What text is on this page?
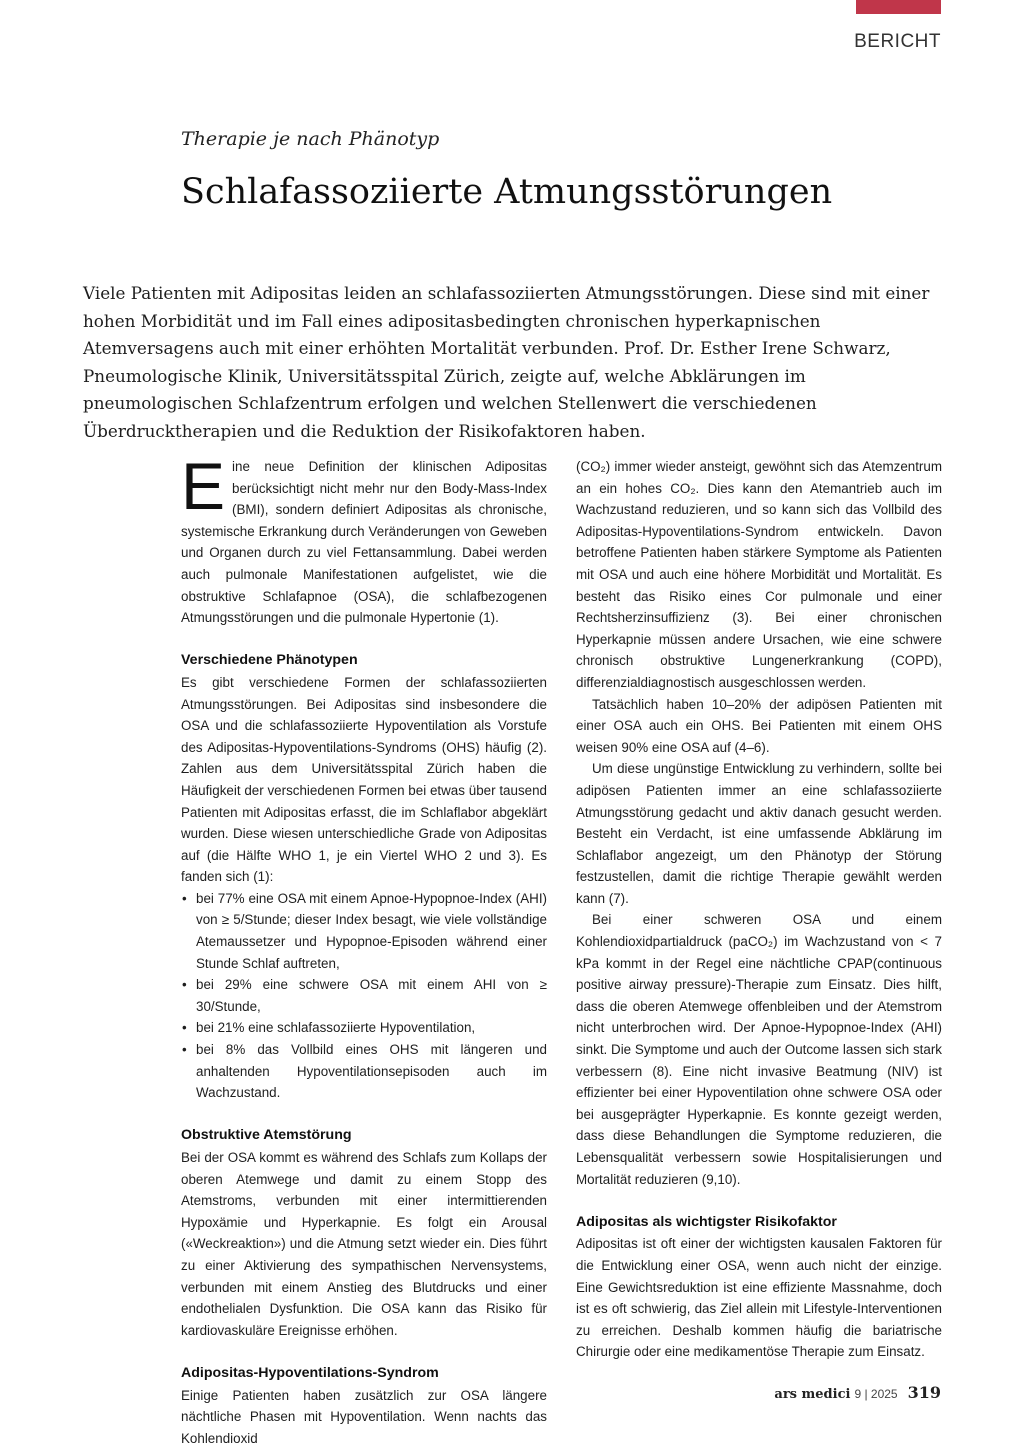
BERICHT
Therapie je nach Phänotyp
Schlafassoziierte Atmungsstörungen

Viele Patienten mit Adipositas leiden an schlafassoziierten Atmungsstörungen. Diese sind mit einer hohen Morbidität und im Fall eines adipositasbedingten chronischen hyperkapnischen Atemversagens auch mit einer erhöhten Mortalität verbunden. Prof. Dr. Esther Irene Schwarz, Pneumologische Klinik, Universitätsspital Zürich, zeigte auf, welche Abklärungen im pneumologischen Schlafzentrum erfolgen und welchen Stellenwert die verschiedenen Überdrucktherapien und die Reduktion der Risikofaktoren haben.

Eine neue Definition der klinischen Adipositas berücksichtigt nicht mehr nur den Body-Mass-Index (BMI), sondern definiert Adipositas als chronische, systemische Erkrankung durch Veränderungen von Geweben und Organen durch zu viel Fettansammlung. Dabei werden auch pulmonale Manifestationen aufgelistet, wie die obstruktive Schlafapnoe (OSA), die schlafbezogenen Atmungsstörungen und die pulmonale Hypertonie (1).

Verschiedene Phänotypen

Es gibt verschiedene Formen der schlafassoziierten Atmungsstörungen. Bei Adipositas sind insbesondere die OSA und die schlafassoziierte Hypoventilation als Vorstufe des Adipositas-Hypoventilations-Syndroms (OHS) häufig (2). Zahlen aus dem Universitätsspital Zürich haben die Häufigkeit der verschiedenen Formen bei etwas über tausend Patienten mit Adipositas erfasst, die im Schlaflabor abgeklärt wurden. Diese wiesen unterschiedliche Grade von Adipositas auf (die Hälfte WHO 1, je ein Viertel WHO 2 und 3). Es fanden sich (1):

• bei 77% eine OSA mit einem Apnoe-Hypopnoe-Index (AHI) von ≥ 5/Stunde; dieser Index besagt, wie viele vollständige Atemaussetzer und Hypopnoe-Episoden während einer Stunde Schlaf auftreten,
• bei 29% eine schwere OSA mit einem AHI von ≥ 30/Stunde,
• bei 21% eine schlafassoziierte Hypoventilation,
• bei 8% das Vollbild eines OHS mit längeren und anhaltenden Hypoventilationsepisoden auch im Wachzustand.
Obstruktive Atemstörung

Bei der OSA kommt es während des Schlafs zum Kollaps der oberen Atemwege und damit zu einem Stopp des Atemstroms, verbunden mit einer intermittierenden Hypoxämie und Hyperkapnie. Es folgt ein Arousal («Weckreaktion») und die Atmung setzt wieder ein. Dies führt zu einer Aktivierung des sympathischen Nervensystems, verbunden mit einem Anstieg des Blutdrucks und einer endothelialen Dysfunktion. Die OSA kann das Risiko für kardiovaskuläre Ereignisse erhöhen.

Adipositas-Hypoventilations-Syndrom

Einige Patienten haben zusätzlich zur OSA längere nächtliche Phasen mit Hypoventilation. Wenn nachts das Kohlendioxid

(CO₂) immer wieder ansteigt, gewöhnt sich das Atemzentrum an ein hohes CO₂. Dies kann den Atemantrieb auch im Wachzustand reduzieren, und so kann sich das Vollbild des Adipositas-Hypoventilations-Syndrom entwickeln. Davon betroffene Patienten haben stärkere Symptome als Patienten mit OSA und auch eine höhere Morbidität und Mortalität. Es besteht das Risiko eines Cor pulmonale und einer Rechtsherzinsuffizienz (3). Bei einer chronischen Hyperkapnie müssen andere Ursachen, wie eine schwere chronisch obstruktive Lungenerkrankung (COPD), differenzialdiagnostisch ausgeschlossen werden.

Tatsächlich haben 10–20% der adipösen Patienten mit einer OSA auch ein OHS. Bei Patienten mit einem OHS weisen 90% eine OSA auf (4–6).

Um diese ungünstige Entwicklung zu verhindern, sollte bei adipösen Patienten immer an eine schlafassoziierte Atmungsstörung gedacht und aktiv danach gesucht werden. Besteht ein Verdacht, ist eine umfassende Abklärung im Schlaflabor angezeigt, um den Phänotyp der Störung festzustellen, damit die richtige Therapie gewählt werden kann (7).

Bei einer schweren OSA und einem Kohlendioxidpartialdruck (paCO₂) im Wachzustand von < 7 kPa kommt in der Regel eine nächtliche CPAP(continuous positive airway pressure)-Therapie zum Einsatz. Dies hilft, dass die oberen Atemwege offenbleiben und der Atemstrom nicht unterbrochen wird. Der Apnoe-Hypopnoe-Index (AHI) sinkt. Die Symptome und auch der Outcome lassen sich stark verbessern (8). Eine nicht invasive Beatmung (NIV) ist effizienter bei einer Hypoventilation ohne schwere OSA oder bei ausgeprägter Hyperkapnie. Es konnte gezeigt werden, dass diese Behandlungen die Symptome reduzieren, die Lebensqualität verbessern sowie Hospitalisierungen und Mortalität reduzieren (9,10).

Adipositas als wichtigster Risikofaktor

Adipositas ist oft einer der wichtigsten kausalen Faktoren für die Entwicklung einer OSA, wenn auch nicht der einzige. Eine Gewichtsreduktion ist eine effiziente Massnahme, doch ist es oft schwierig, das Ziel allein mit Lifestyle-Interventionen zu erreichen. Deshalb kommen häufig die bariatrische Chirurgie oder eine medikamentöse Therapie zum Einsatz.

ars medici 9 | 2025 319
